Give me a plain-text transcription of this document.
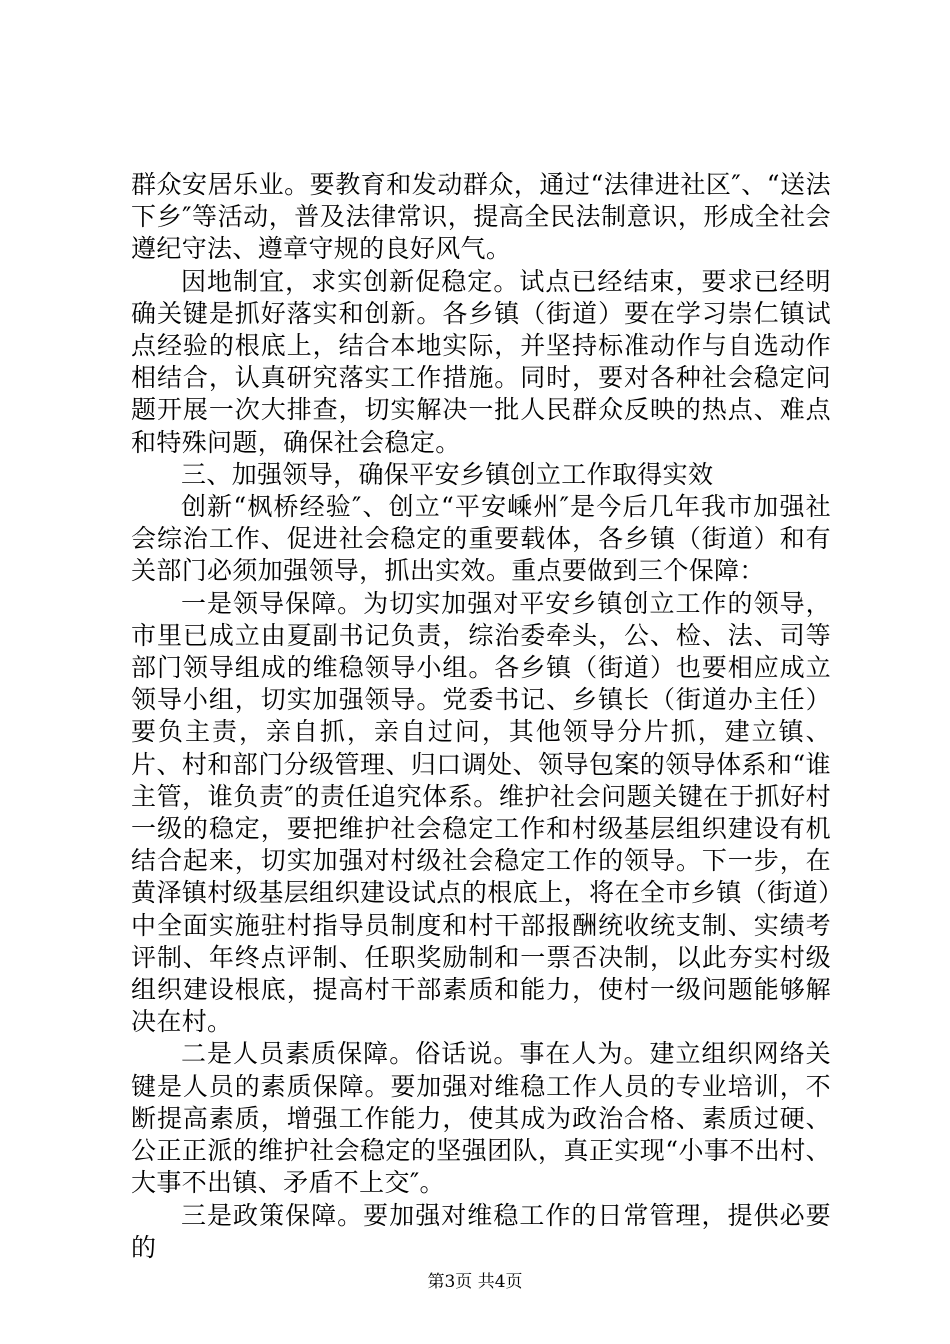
群众安居乐业。要教育和发动群众，通过“法律进社区″、“送法下乡″等活动，普及法律常识，提高全民法制意识，形成全社会遵纪守法、遵章守规的良好风气。

因地制宜，求实创新促稳定。试点已经结束，要求已经明确关键是抓好落实和创新。各乡镇（街道）要在学习崇仁镇试点经验的根底上，结合本地实际，并坚持标准动作与自选动作相结合，认真研究落实工作措施。同时，要对各种社会稳定问题开展一次大排查，切实解决一批人民群众反映的热点、难点和特殊问题，确保社会稳定。

三、加强领导，确保平安乡镇创立工作取得实效

创新“枫桥经验″、创立“平安嵊州″是今后几年我市加强社会综治工作、促进社会稳定的重要载体，各乡镇（街道）和有关部门必须加强领导，抓出实效。重点要做到三个保障：

一是领导保障。为切实加强对平安乡镇创立工作的领导，市里已成立由夏副书记负责，综治委牵头，公、检、法、司等部门领导组成的维稳领导小组。各乡镇（街道）也要相应成立领导小组，切实加强领导。党委书记、乡镇长（街道办主任）要负主责，亲自抓，亲自过问，其他领导分片抓，建立镇、片、村和部门分级管理、归口调处、领导包案的领导体系和“谁主管，谁负责″的责任追究体系。维护社会问题关键在于抓好村一级的稳定，要把维护社会稳定工作和村级基层组织建设有机结合起来，切实加强对村级社会稳定工作的领导。下一步，在黄泽镇村级基层组织建设试点的根底上，将在全市乡镇（街道）中全面实施驻村指导员制度和村干部报酬统收统支制、实绩考评制、年终点评制、任职奖励制和一票否决制，以此夯实村级组织建设根底，提高村干部素质和能力，使村一级问题能够解决在村。

二是人员素质保障。俗话说。事在人为。建立组织网络关键是人员的素质保障。要加强对维稳工作人员的专业培训，不断提高素质，增强工作能力，使其成为政治合格、素质过硬、公正正派的维护社会稳定的坚强团队，真正实现“小事不出村、大事不出镇、矛盾不上交″。

三是政策保障。要加强对维稳工作的日常管理，提供必要的

第3页 共4页
